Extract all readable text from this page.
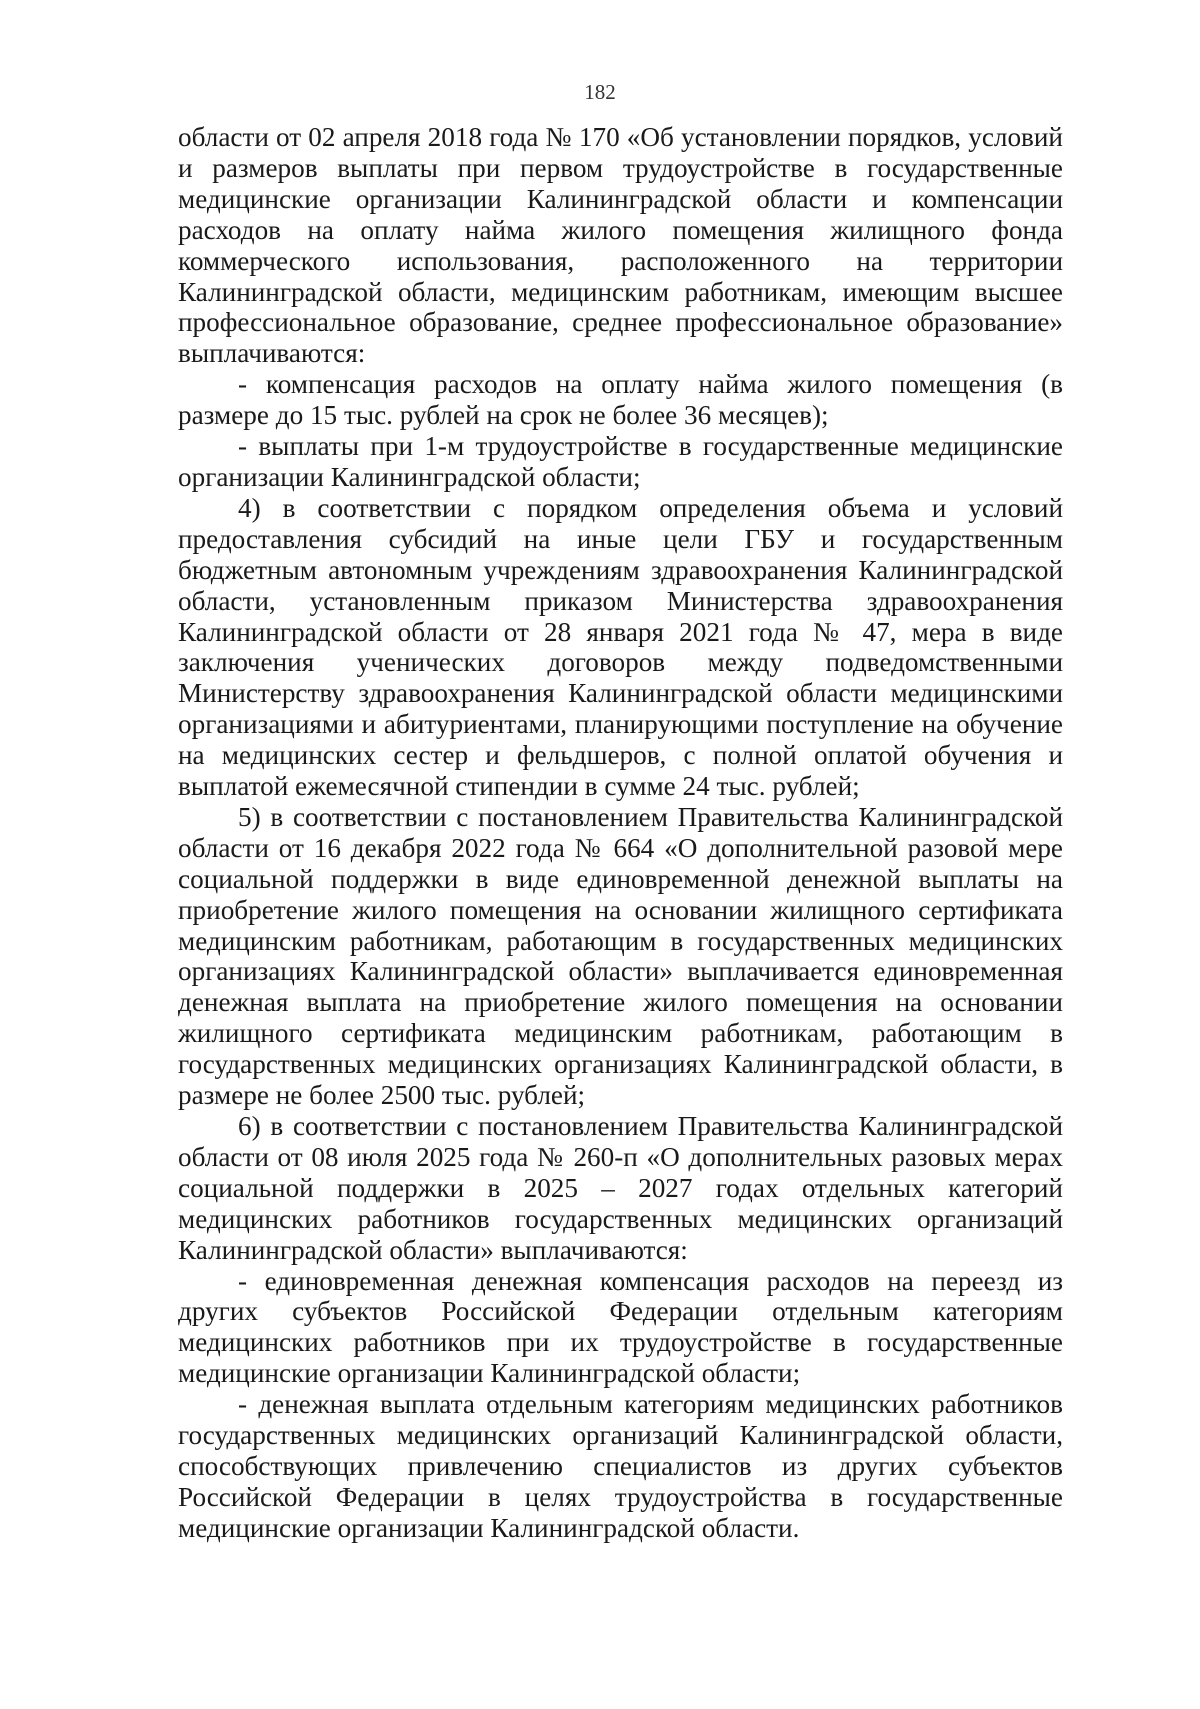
182

области от 02 апреля 2018 года № 170 «Об установлении порядков, условий и размеров выплаты при первом трудоустройстве в государственные медицинские организации Калининградской области и компенсации расходов на оплату найма жилого помещения жилищного фонда коммерческого использования, расположенного на территории Калининградской области, медицинским работникам, имеющим высшее профессиональное образование, среднее профессиональное образование» выплачиваются:

- компенсация расходов на оплату найма жилого помещения (в размере до 15 тыс. рублей на срок не более 36 месяцев);

- выплаты при 1-м трудоустройстве в государственные медицинские организации Калининградской области;

4) в соответствии с порядком определения объема и условий предоставления субсидий на иные цели ГБУ и государственным бюджетным автономным учреждениям здравоохранения Калининградской области, установленным приказом Министерства здравоохранения Калининградской области от 28 января 2021 года № 47, мера в виде заключения ученических договоров между подведомственными Министерству здравоохранения Калининградской области медицинскими организациями и абитуриентами, планирующими поступление на обучение на медицинских сестер и фельдшеров, с полной оплатой обучения и выплатой ежемесячной стипендии в сумме 24 тыс. рублей;

5) в соответствии с постановлением Правительства Калининградской области от 16 декабря 2022 года № 664 «О дополнительной разовой мере социальной поддержки в виде единовременной денежной выплаты на приобретение жилого помещения на основании жилищного сертификата медицинским работникам, работающим в государственных медицинских организациях Калининградской области» выплачивается единовременная денежная выплата на приобретение жилого помещения на основании жилищного сертификата медицинским работникам, работающим в государственных медицинских организациях Калининградской области, в размере не более 2500 тыс. рублей;

6) в соответствии с постановлением Правительства Калининградской области от 08 июля 2025 года № 260-п «О дополнительных разовых мерах социальной поддержки в 2025 – 2027 годах отдельных категорий медицинских работников государственных медицинских организаций Калининградской области» выплачиваются:

- единовременная денежная компенсация расходов на переезд из других субъектов Российской Федерации отдельным категориям медицинских работников при их трудоустройстве в государственные медицинские организации Калининградской области;

- денежная выплата отдельным категориям медицинских работников государственных медицинских организаций Калининградской области, способствующих привлечению специалистов из других субъектов Российской Федерации в целях трудоустройства в государственные медицинские организации Калининградской области.
